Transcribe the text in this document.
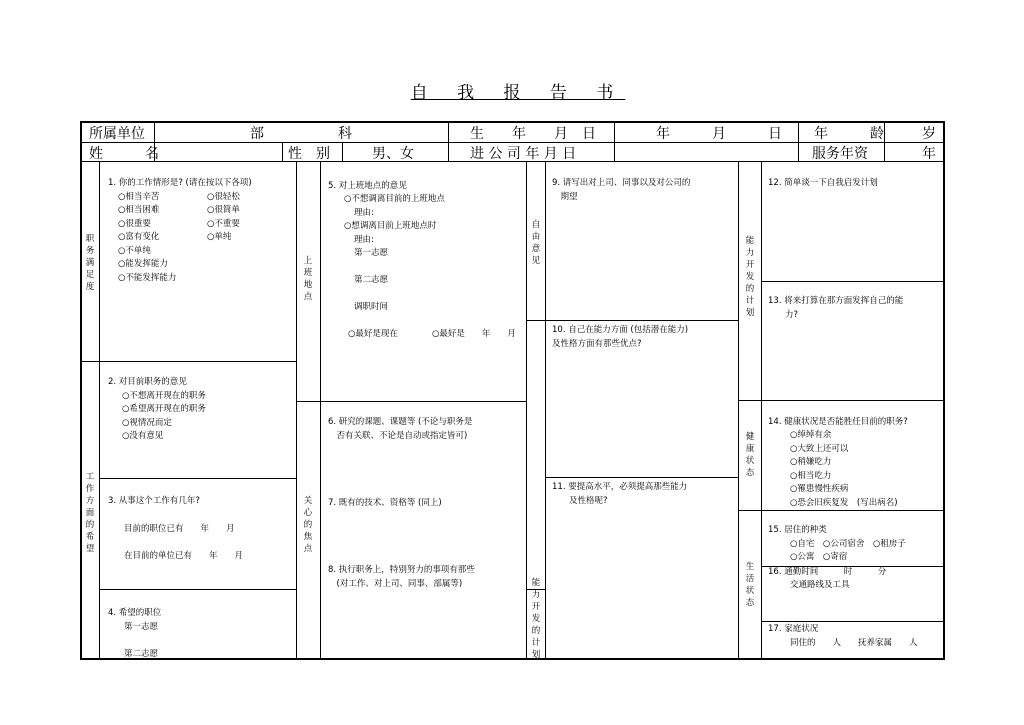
自 我 报 告 书
所属单位	部	科	生　　年　　月　日	年　　　月　　　日 年　　　龄	岁
姓　　　名	性　别	男、女	进 公 司 年 月 日	服务年资	年
职务满足度
工作方面的希望
上班地点
关心的焦点
自由意见
能力开发的计划
能力开发的计划
健康状态
生活状态
1. 你的工作情形是? (请在按以下各项)
○相当辛苦
○相当困难
○很重要
○富有变化
○不单纯
○能发挥能力
○不能发挥能力
○很轻松
○很简单
○不重要
○单纯
2. 对目前职务的意见
○不想离开现在的职务
○希望离开现在的职务
○视情况而定
○没有意见
3. 从事这个工作有几年?
目前的职位已有　　年　　月
在目前的单位已有　　年　　月
4. 希望的职位
第一志愿
第二志愿
5. 对上班地点的意见
○不想调离目前的上班地点
理由:
○想调离目前上班地点时
理由:
第一志愿
第二志愿
调职时间
○最好是现在	○最好是　　年　　月
6. 研究的课题、课题等 (不论与职务是
　否有关联、不论是自动或指定皆可)
7. 既有的技术、资格等 (同上)
8. 执行职务上，特别努力的事项有那些
　(对工作、对上司、同事、部属等)
9. 请写出对上司、同事以及对公司的
　期望
10. 自己在能力方面 (包括潜在能力)
及性格方面有那些优点?
11. 要提高水平，必须提高那些能力
　　及性格呢?
12. 简单谈一下自我启发计划
13. 将来打算在那方面发挥自己的能
　　力?
14. 健康状况是否能胜任目前的职务?
○绰绰有余
○大致上还可以
○稍嫌吃力
○相当吃力
○罹患慢性疾病
○恐会旧疾复发　(写出病名)
15. 居住的种类
○自宅　○公司宿舍　○租房子
○公寓　○寄宿
16. 通勤时间　　　时　　　分
交通路线及工具
17. 家庭状况
同住的　　人　　抚养家属　　人
